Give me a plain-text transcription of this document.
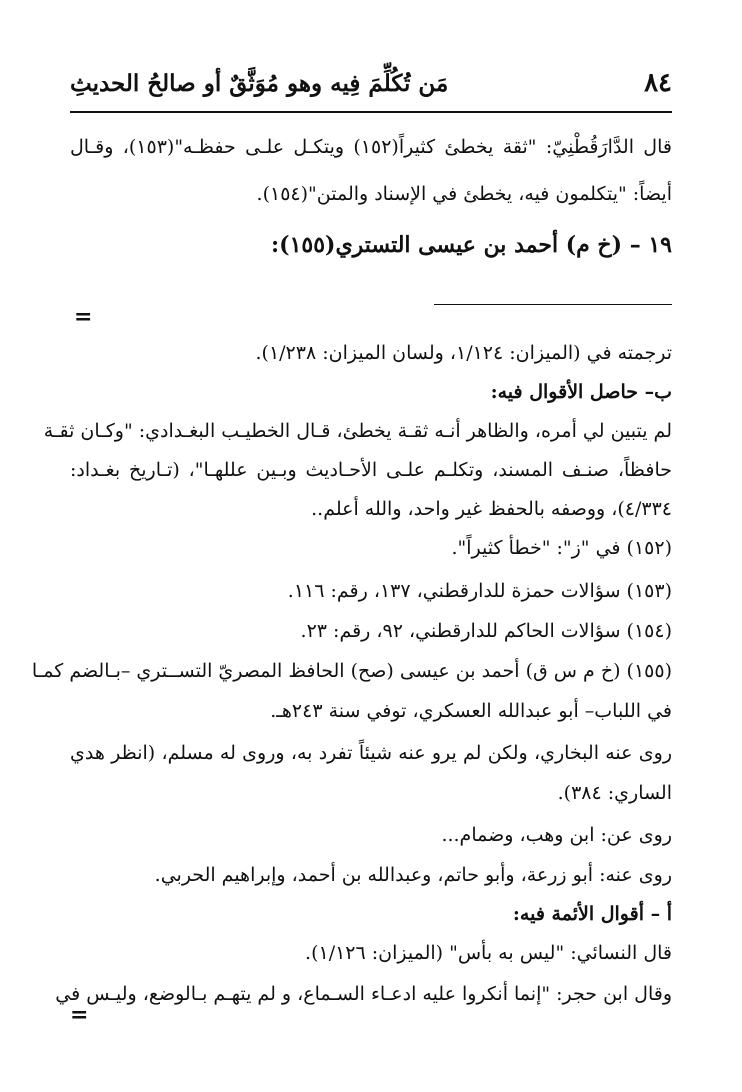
٨٤
مَن تُكُلِّمَ فِيه وهو مُوَثَّقٌ أو صالحُ الحديثِ
قال الدَّارَقُطْنِيّ: "ثقة يخطئ كثيراً(١٥٢) ويتكـل علـى حفظـه"(١٥٣)، وقـال
أيضاً: "يتكلمون فيه، يخطئ في الإسناد والمتن"(١٥٤).
١٩ – (خ م) أحمد بن عيسى التستري(١٥٥):
=
ترجمته في (الميزان: ١/١٢٤، ولسان الميزان: ١/٢٣٨).
ب– حاصل الأقوال فيه:
لم يتبين لي أمره، والظاهر أنـه ثقـة يخطئ، قـال الخطيـب البغـدادي: "وكـان ثقـة
حافظاً، صنـف المسند، وتكلـم علـى الأحـاديث وبـين عللهـا"، (تـاريخ بغـداد:
٤/٣٣٤)، ووصفه بالحفظ غير واحد، والله أعلم..
(١٥٢) في "ز": "خطأ كثيراً".
(١٥٣) سؤالات حمزة للدارقطني، ١٣٧، رقم: ١١٦.
(١٥٤) سؤالات الحاكم للدارقطني، ٩٢، رقم: ٢٣.
(١٥٥) (خ م س ق) أحمد بن عيسى (صح) الحافظ المصريّ التســتري –بـالضم كمـا
في اللباب– أبو عبدالله العسكري، توفي سنة ٢٤٣هـ.
روى عنه البخاري، ولكن لم يرو عنه شيئاً تفرد به، وروى له مسلم، (انظر هدي
الساري: ٣٨٤).
روى عن: ابن وهب، وضمام...
روى عنه: أبو زرعة، وأبو حاتم، وعبدالله بن أحمد، وإبراهيم الحربي.
أ – أقوال الأئمة فيه:
قال النسائي: "ليس به بأس" (الميزان: ١/١٢٦).
وقال ابن حجر: "إنما أنكروا عليه ادعـاء السـماع، و لم يتهـم بـالوضع، وليـس في
=
